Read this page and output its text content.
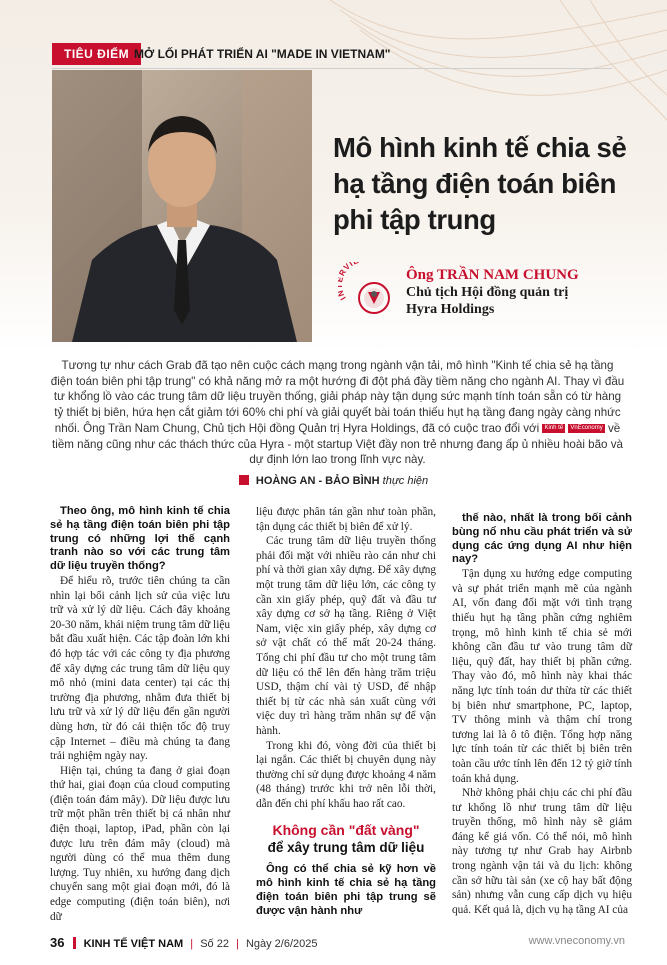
TIÊU ĐIỂM MỞ LỐI PHÁT TRIỂN AI "MADE IN VIETNAM"
Mô hình kinh tế chia sẻ
hạ tầng điện toán biên
phi tập trung
I RVI
Ông TRẦN NAM CHUNG
Chủ tịch Hội đồng quản trị
Hyra Holdings

Tương tự như cách Grab đã tạo nên cuộc cách mạng trong ngành vận tải, mô hình "Kinh tế chia sẻ hạ tầng điện toán biên phi tập trung" có khả năng mở ra một hướng đi đột phá đầy tiềm năng cho ngành AI. Thay vì đầu tư khổng lồ vào các trung tâm dữ liệu truyền thống, giải pháp này tận dụng sức mạnh tính toán sẵn có từ hàng tỷ thiết bị biên, hứa hẹn cắt giảm tới 60% chi phí và giải quyết bài toán thiếu hụt hạ tầng đang ngày càng nhức nhối. Ông Trần Nam Chung, Chủ tịch Hội đồng Quản trị Hyra Holdings, đã có cuộc trao đổi với Kinh tế VnEconomy về tiềm năng cũng như các thách thức của Hyra - một startup Việt đầy non trẻ nhưng đang ấp ủ nhiều hoài bão và dự định lớn lao trong lĩnh vực này.

HOÀNG AN - BẢO BÌNH thực hiện

Theo ông, mô hình kinh tế chia sẻ hạ tầng điện toán biên phi tập trung có những lợi thế cạnh tranh nào so với các trung tâm dữ liệu truyền thống?

Để hiểu rõ, trước tiên chúng ta cần nhìn lại bối cảnh lịch sử của việc lưu trữ và xử lý dữ liệu. Cách đây khoảng 20-30 năm, khái niệm trung tâm dữ liệu bắt đầu xuất hiện. Các tập đoàn lớn khi đó hợp tác với các công ty địa phương để xây dựng các trung tâm dữ liệu quy mô nhỏ (mini data center) tại các thị trường địa phương, nhằm đưa thiết bị lưu trữ và xử lý dữ liệu đến gần người dùng hơn, từ đó cải thiện tốc độ truy cập Internet – điều mà chúng ta đang trải nghiệm ngày nay.

Hiện tại, chúng ta đang ở giai đoạn thứ hai, giai đoạn của cloud computing (điện toán đám mây). Dữ liệu được lưu trữ một phần trên thiết bị cá nhân như điện thoại, laptop, iPad, phần còn lại được lưu trên đám mây (cloud) mà người dùng có thể mua thêm dung lượng. Tuy nhiên, xu hướng đang dịch chuyển sang một giai đoạn mới, đó là edge computing (điện toán biên), nơi dữ

liệu được phân tán gần như toàn phần, tận dụng các thiết bị biên để xử lý.

Các trung tâm dữ liệu truyền thống phải đối mặt với nhiều rào cản như chi phí và thời gian xây dựng. Để xây dựng một trung tâm dữ liệu lớn, các công ty cần xin giấy phép, quỹ đất và đầu tư xây dựng cơ sở hạ tầng. Riêng ở Việt Nam, việc xin giấy phép, xây dựng cơ sở vật chất có thể mất 20-24 tháng. Tổng chi phí đầu tư cho một trung tâm dữ liệu có thể lên đến hàng trăm triệu USD, thậm chí vài tỷ USD, để nhập thiết bị từ các nhà sản xuất cùng với việc duy trì hàng trăm nhân sự để vận hành.

Trong khi đó, vòng đời của thiết bị lại ngắn. Các thiết bị chuyên dụng này thường chỉ sử dụng được khoảng 4 năm (48 tháng) trước khi trở nên lỗi thời, dẫn đến chi phí khấu hao rất cao.

Không cần "đất vàng"
để xây trung tâm dữ liệu

Ông có thể chia sẻ kỹ hơn về mô hình kinh tế chia sẻ hạ tầng điện toán biên phi tập trung sẽ được vận hành như

thế nào, nhất là trong bối cảnh bùng nổ nhu cầu phát triển và sử dụng các ứng dụng AI như hiện nay?

Tận dụng xu hướng edge computing và sự phát triển mạnh mẽ của ngành AI, vốn đang đối mặt với tình trạng thiếu hụt hạ tầng phần cứng nghiêm trọng, mô hình kinh tế chia sẻ mới không cần đầu tư vào trung tâm dữ liệu, quỹ đất, hay thiết bị phần cứng. Thay vào đó, mô hình này khai thác năng lực tính toán dư thừa từ các thiết bị biên như smartphone, PC, laptop, TV thông minh và thậm chí trong tương lai là ô tô điện. Tổng hợp năng lực tính toán từ các thiết bị biên trên toàn cầu ước tính lên đến 12 tỷ giờ tính toán khả dụng.

Nhờ không phải chịu các chi phí đầu tư khổng lồ như trung tâm dữ liệu truyền thống, mô hình này sẽ giảm đáng kể giá vốn. Có thể nói, mô hình này tương tự như Grab hay Airbnb trong ngành vận tải và du lịch: không cần sở hữu tài sản (xe cộ hay bất động sản) nhưng vẫn cung cấp dịch vụ hiệu quả. Kết quả là, dịch vụ hạ tầng AI của

36 KINH TẾ VIỆT NAM | Số 22 | Ngày 2/6/2025	www.vneconomy.vn
